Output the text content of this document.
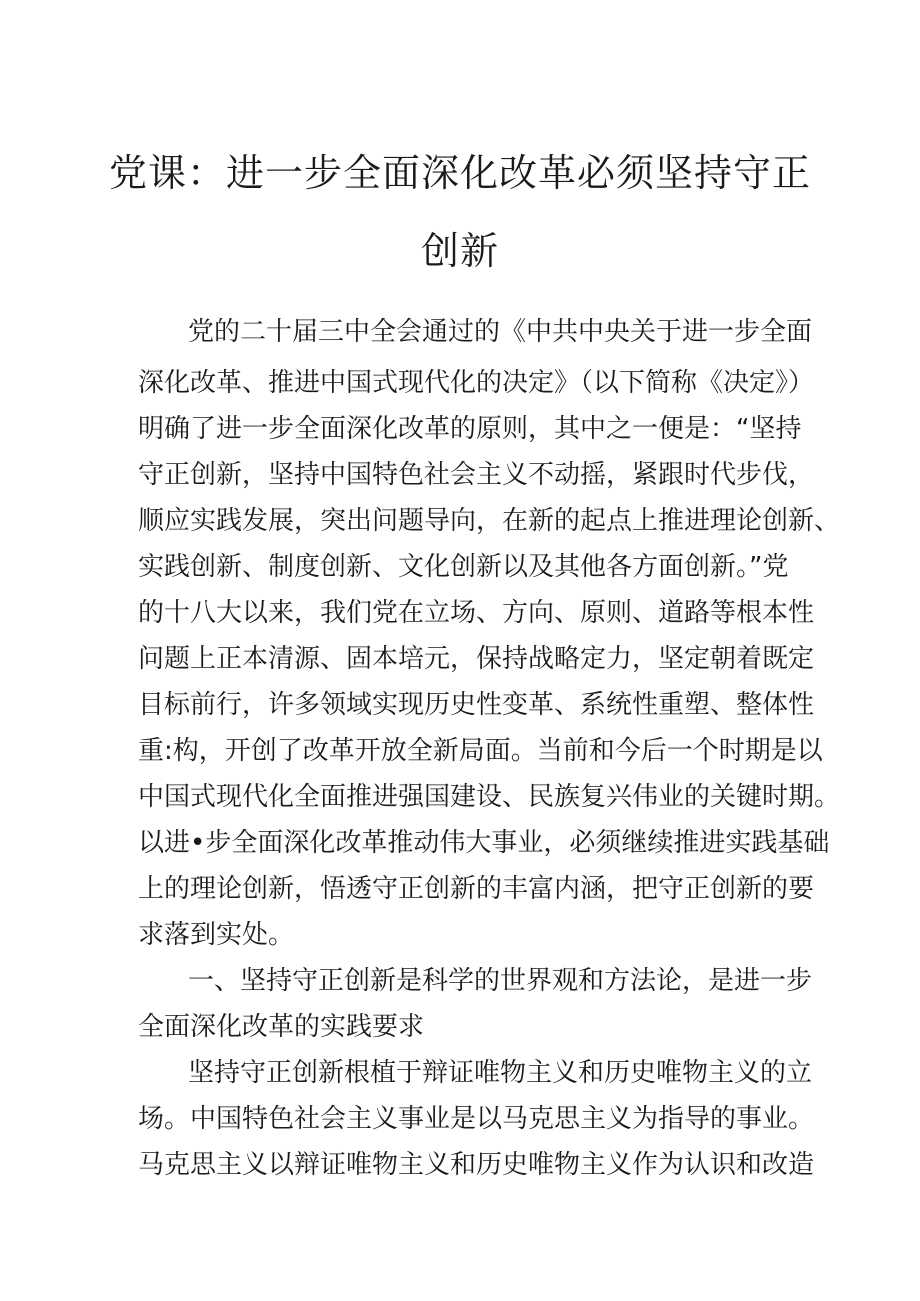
党课：进一步全面深化改革必须坚持守正
创新
党的二十届三中全会通过的《中共中央关于进一步全面
深化改革、推进中国式现代化的决定》（以下简称《决定》）
明确了进一步全面深化改革的原则，其中之一便是：“坚持
守正创新，坚持中国特色社会主义不动摇，紧跟时代步伐，
顺应实践发展，突出问题导向，在新的起点上推进理论创新、
实践创新、制度创新、文化创新以及其他各方面创新。”党
的十八大以来，我们党在立场、方向、原则、道路等根本性
问题上正本清源、固本培元，保持战略定力，坚定朝着既定
目标前行，许多领域实现历史性变革、系统性重塑、整体性
重:构，开创了改革开放全新局面。当前和今后一个时期是以
中国式现代化全面推进强国建设、民族复兴伟业的关键时期。
以进•步全面深化改革推动伟大事业，必须继续推进实践基础
上的理论创新，悟透守正创新的丰富内涵，把守正创新的要
求落到实处。
一、坚持守正创新是科学的世界观和方法论，是进一步
全面深化改革的实践要求
坚持守正创新根植于辩证唯物主义和历史唯物主义的立
场。中国特色社会主义事业是以马克思主义为指导的事业。
马克思主义以辩证唯物主义和历史唯物主义作为认识和改造
